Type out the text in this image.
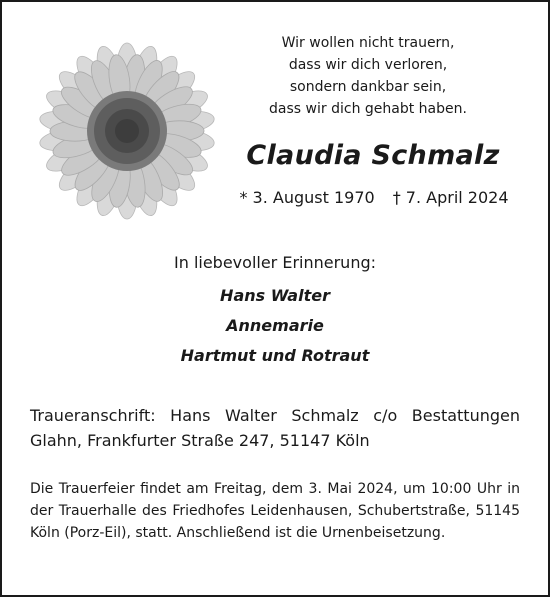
Wir wollen nicht trauern,
dass wir dich verloren,
sondern dankbar sein,
dass wir dich gehabt haben.
Claudia Schmalz
* 3. August 1970 † 7. April 2024
In liebevoller Erinnerung:
Hans Walter
Annemarie
Hartmut und Rotraut
Traueranschrift: Hans Walter Schmalz c/o Bestattungen Glahn, Frankfurter Straße 247, 51147 Köln
Die Trauerfeier findet am Freitag, dem 3. Mai 2024, um 10:00 Uhr in der Trauerhalle des Friedhofes Leidenhausen, Schubertstraße, 51145 Köln (Porz-Eil), statt. Anschließend ist die Urnenbeisetzung.
